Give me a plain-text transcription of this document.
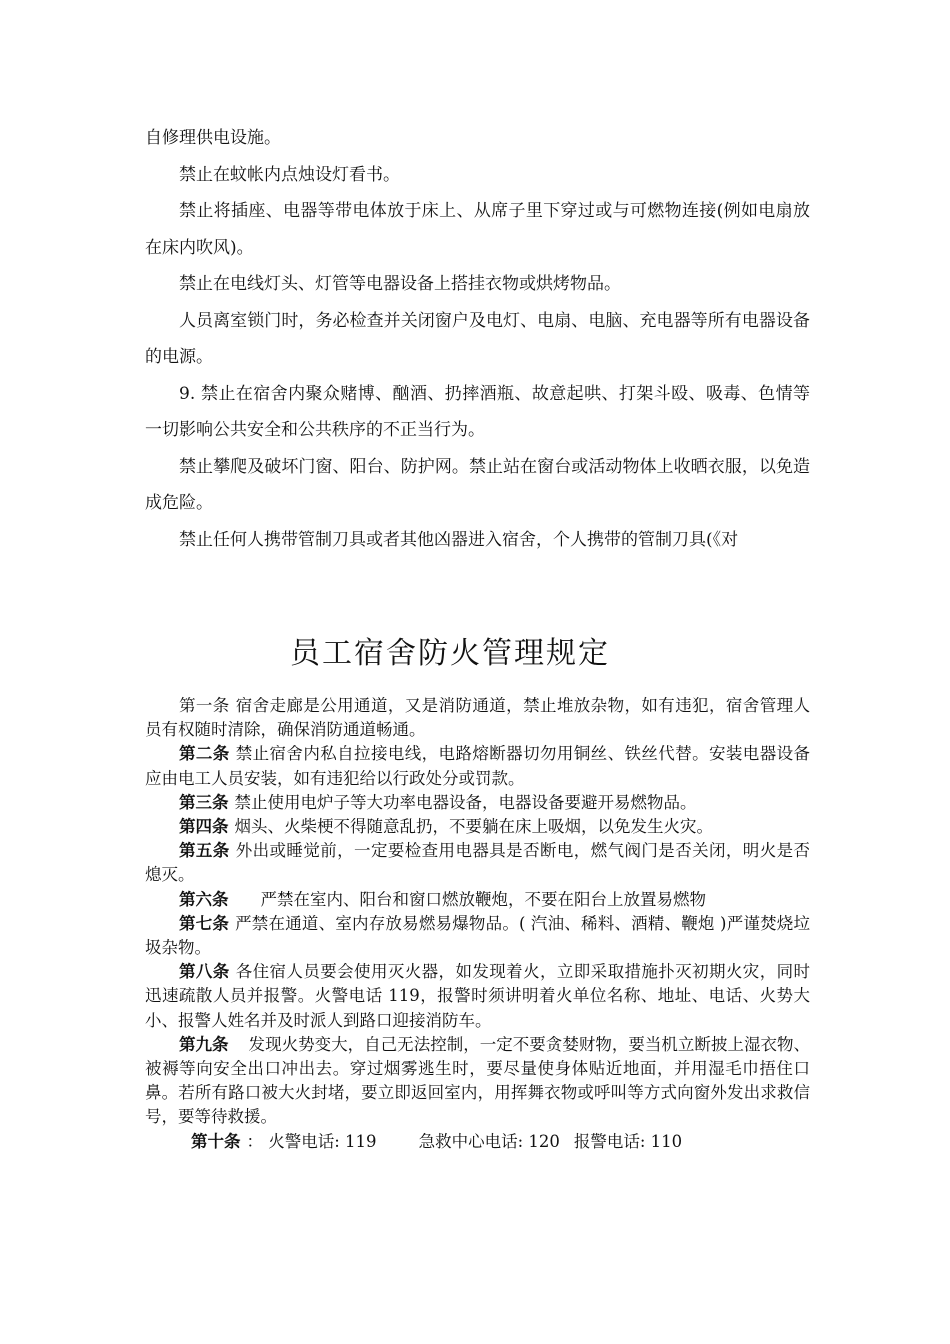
自修理供电设施。

禁止在蚊帐内点烛设灯看书。

禁止将插座、电器等带电体放于床上、从席子里下穿过或与可燃物连接(例如电扇放在床内吹风)。

禁止在电线灯头、灯管等电器设备上搭挂衣物或烘烤物品。

人员离室锁门时，务必检查并关闭窗户及电灯、电扇、电脑、充电器等所有电器设备的电源。

9. 禁止在宿舍内聚众赌博、酗酒、扔摔酒瓶、故意起哄、打架斗殴、吸毒、色情等一切影响公共安全和公共秩序的不正当行为。

禁止攀爬及破坏门窗、阳台、防护网。禁止站在窗台或活动物体上收晒衣服，以免造成危险。

禁止任何人携带管制刀具或者其他凶器进入宿舍，个人携带的管制刀具(《对

员工宿舍防火管理规定

第一条 宿舍走廊是公用通道，又是消防通道，禁止堆放杂物，如有违犯，宿舍管理人员有权随时清除，确保消防通道畅通。

第二条 禁止宿舍内私自拉接电线，电路熔断器切勿用铜丝、铁丝代替。安装电器设备应由电工人员安装，如有违犯给以行政处分或罚款。

第三条 禁止使用电炉子等大功率电器设备，电器设备要避开易燃物品。

第四条 烟头、火柴梗不得随意乱扔，不要躺在床上吸烟，以免发生火灾。

第五条 外出或睡觉前，一定要检查用电器具是否断电，燃气阀门是否关闭，明火是否熄灭。

第六条 严禁在室内、阳台和窗口燃放鞭炮，不要在阳台上放置易燃物

第七条 严禁在通道、室内存放易燃易爆物品。( 汽油、稀料、酒精、鞭炮 )严谨焚烧垃圾杂物。

第八条 各住宿人员要会使用灭火器，如发现着火，立即采取措施扑灭初期火灾，同时迅速疏散人员并报警。火警电话 119，报警时须讲明着火单位名称、地址、电话、火势大小、报警人姓名并及时派人到路口迎接消防车。

第九条 发现火势变大，自己无法控制，一定不要贪婪财物，要当机立断披上湿衣物、被褥等向安全出口冲出去。穿过烟雾逃生时，要尽量使身体贴近地面，并用湿毛巾捂住口鼻。若所有路口被大火封堵，要立即返回室内，用挥舞衣物或呼叫等方式向窗外发出求救信号，要等待救援。

第十条 ： 火警电话: 119	急救中心电话: 120 报警电话: 110
